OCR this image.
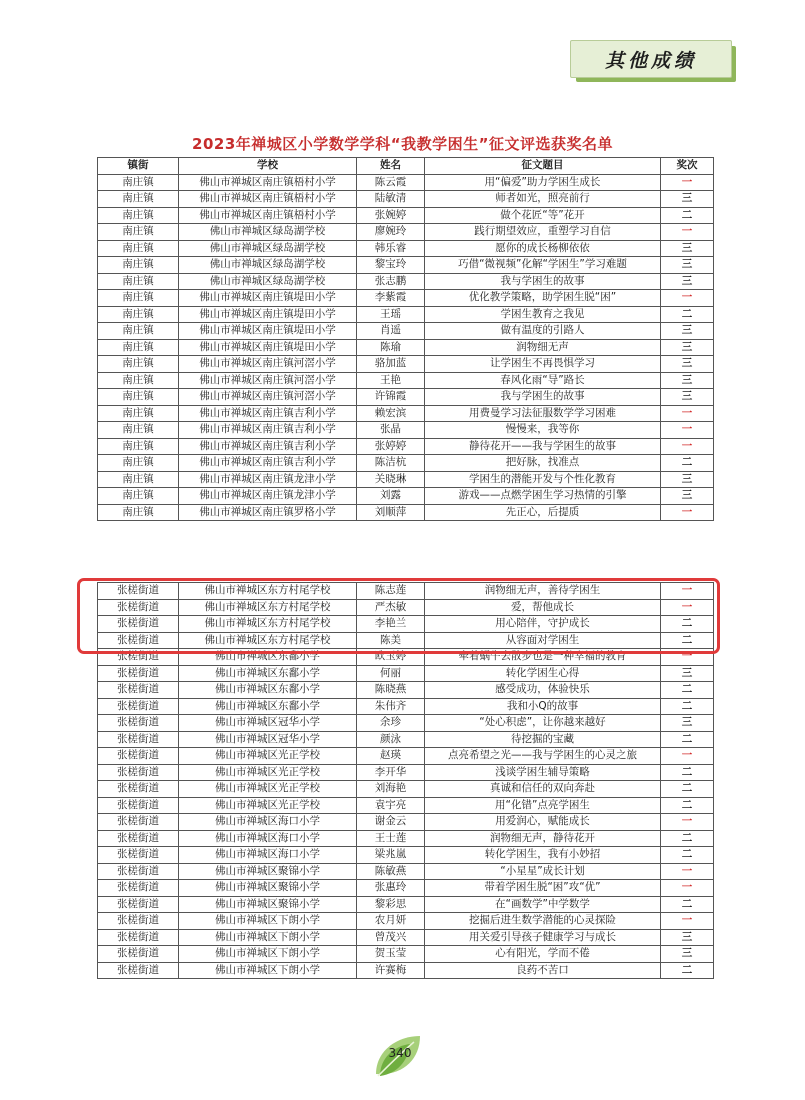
其他成绩
2023年禅城区小学数学学科“我教学困生”征文评选获奖名单
镇街	学校	姓名	征文题目	奖次
南庄镇	佛山市禅城区南庄镇梧村小学	陈云霞	用“偏爱”助力学困生成长	一
南庄镇	佛山市禅城区南庄镇梧村小学	陆敏清	师者如光，照亮前行	三
南庄镇	佛山市禅城区南庄镇梧村小学	张婉婷	做个花匠“等”花开	二
南庄镇	佛山市禅城区绿岛湖学校	廖婉玲	践行期望效应，重塑学习自信	一
南庄镇	佛山市禅城区绿岛湖学校	韩乐睿	愿你的成长杨柳依依	三
南庄镇	佛山市禅城区绿岛湖学校	黎宝玲	巧借“微视频”化解“学困生”学习难题	三
南庄镇	佛山市禅城区绿岛湖学校	张志鹏	我与学困生的故事	三
南庄镇	佛山市禅城区南庄镇堤田小学	李紫霞	优化教学策略，助学困生脱“困”	一
南庄镇	佛山市禅城区南庄镇堤田小学	王瑶	学困生教育之我见	二
南庄镇	佛山市禅城区南庄镇堤田小学	肖遥	做有温度的引路人	三
南庄镇	佛山市禅城区南庄镇堤田小学	陈瑜	润物细无声	三
南庄镇	佛山市禅城区南庄镇河滘小学	骆加蓝	让学困生不再畏惧学习	三
南庄镇	佛山市禅城区南庄镇河滘小学	王艳	春风化雨“导”路长	三
南庄镇	佛山市禅城区南庄镇河滘小学	许锦霞	我与学困生的故事	三
南庄镇	佛山市禅城区南庄镇吉利小学	赖宏滨	用费曼学习法征服数学学习困难	一
南庄镇	佛山市禅城区南庄镇吉利小学	张晶	慢慢来，我等你	一
南庄镇	佛山市禅城区南庄镇吉利小学	张婷婷	静待花开——我与学困生的故事	一
南庄镇	佛山市禅城区南庄镇吉利小学	陈洁杭	把好脉，找准点	二
南庄镇	佛山市禅城区南庄镇龙津小学	关晓琳	学困生的潜能开发与个性化教育	三
南庄镇	佛山市禅城区南庄镇龙津小学	刘露	游戏——点燃学困生学习热情的引擎	三
南庄镇	佛山市禅城区南庄镇罗格小学	刘顺萍	先正心，后提质	一
张槎街道	佛山市禅城区东方村尾学校	陈志莲	润物细无声，善待学困生	一
张槎街道	佛山市禅城区东方村尾学校	严杰敏	爱，帮他成长	一
张槎街道	佛山市禅城区东方村尾学校	李艳兰	用心陪伴，守护成长	二
张槎街道	佛山市禅城区东方村尾学校	陈美	从容面对学困生	二
张槎街道	佛山市禅城区东鄱小学	欧玉婷	牵着蜗牛去散步也是一种幸福的教育	一
张槎街道	佛山市禅城区东鄱小学	何丽	转化学困生心得	三
张槎街道	佛山市禅城区东鄱小学	陈晓燕	感受成功，体验快乐	二
张槎街道	佛山市禅城区东鄱小学	朱伟齐	我和小Q的故事	二
张槎街道	佛山市禅城区冠华小学	余珍	“处心积虑”，让你越来越好	三
张槎街道	佛山市禅城区冠华小学	颜泳	待挖掘的宝藏	二
张槎街道	佛山市禅城区光正学校	赵瑛	点亮希望之光——我与学困生的心灵之旅	一
张槎街道	佛山市禅城区光正学校	李开华	浅谈学困生辅导策略	二
张槎街道	佛山市禅城区光正学校	刘海艳	真诚和信任的双向奔赴	二
张槎街道	佛山市禅城区光正学校	袁宇亮	用“化错”点亮学困生	二
张槎街道	佛山市禅城区海口小学	谢金云	用爱润心，赋能成长	一
张槎街道	佛山市禅城区海口小学	王士莲	润物细无声，静待花开	二
张槎街道	佛山市禅城区海口小学	梁兆嵐	转化学困生，我有小妙招	二
张槎街道	佛山市禅城区聚锦小学	陈敏燕	“小星星”成长计划	一
张槎街道	佛山市禅城区聚锦小学	张惠玲	带着学困生脱“困”攻“优”	一
张槎街道	佛山市禅城区聚锦小学	黎彩思	在“画数学”中学数学	二
张槎街道	佛山市禅城区下朗小学	农月妍	挖掘后进生数学潜能的心灵探险	一
张槎街道	佛山市禅城区下朗小学	曾茂兴	用关爱引导孩子健康学习与成长	三
张槎街道	佛山市禅城区下朗小学	贺玉莹	心有阳光，学而不倦	三
张槎街道	佛山市禅城区下朗小学	许赛梅	良药不苦口	二
340
